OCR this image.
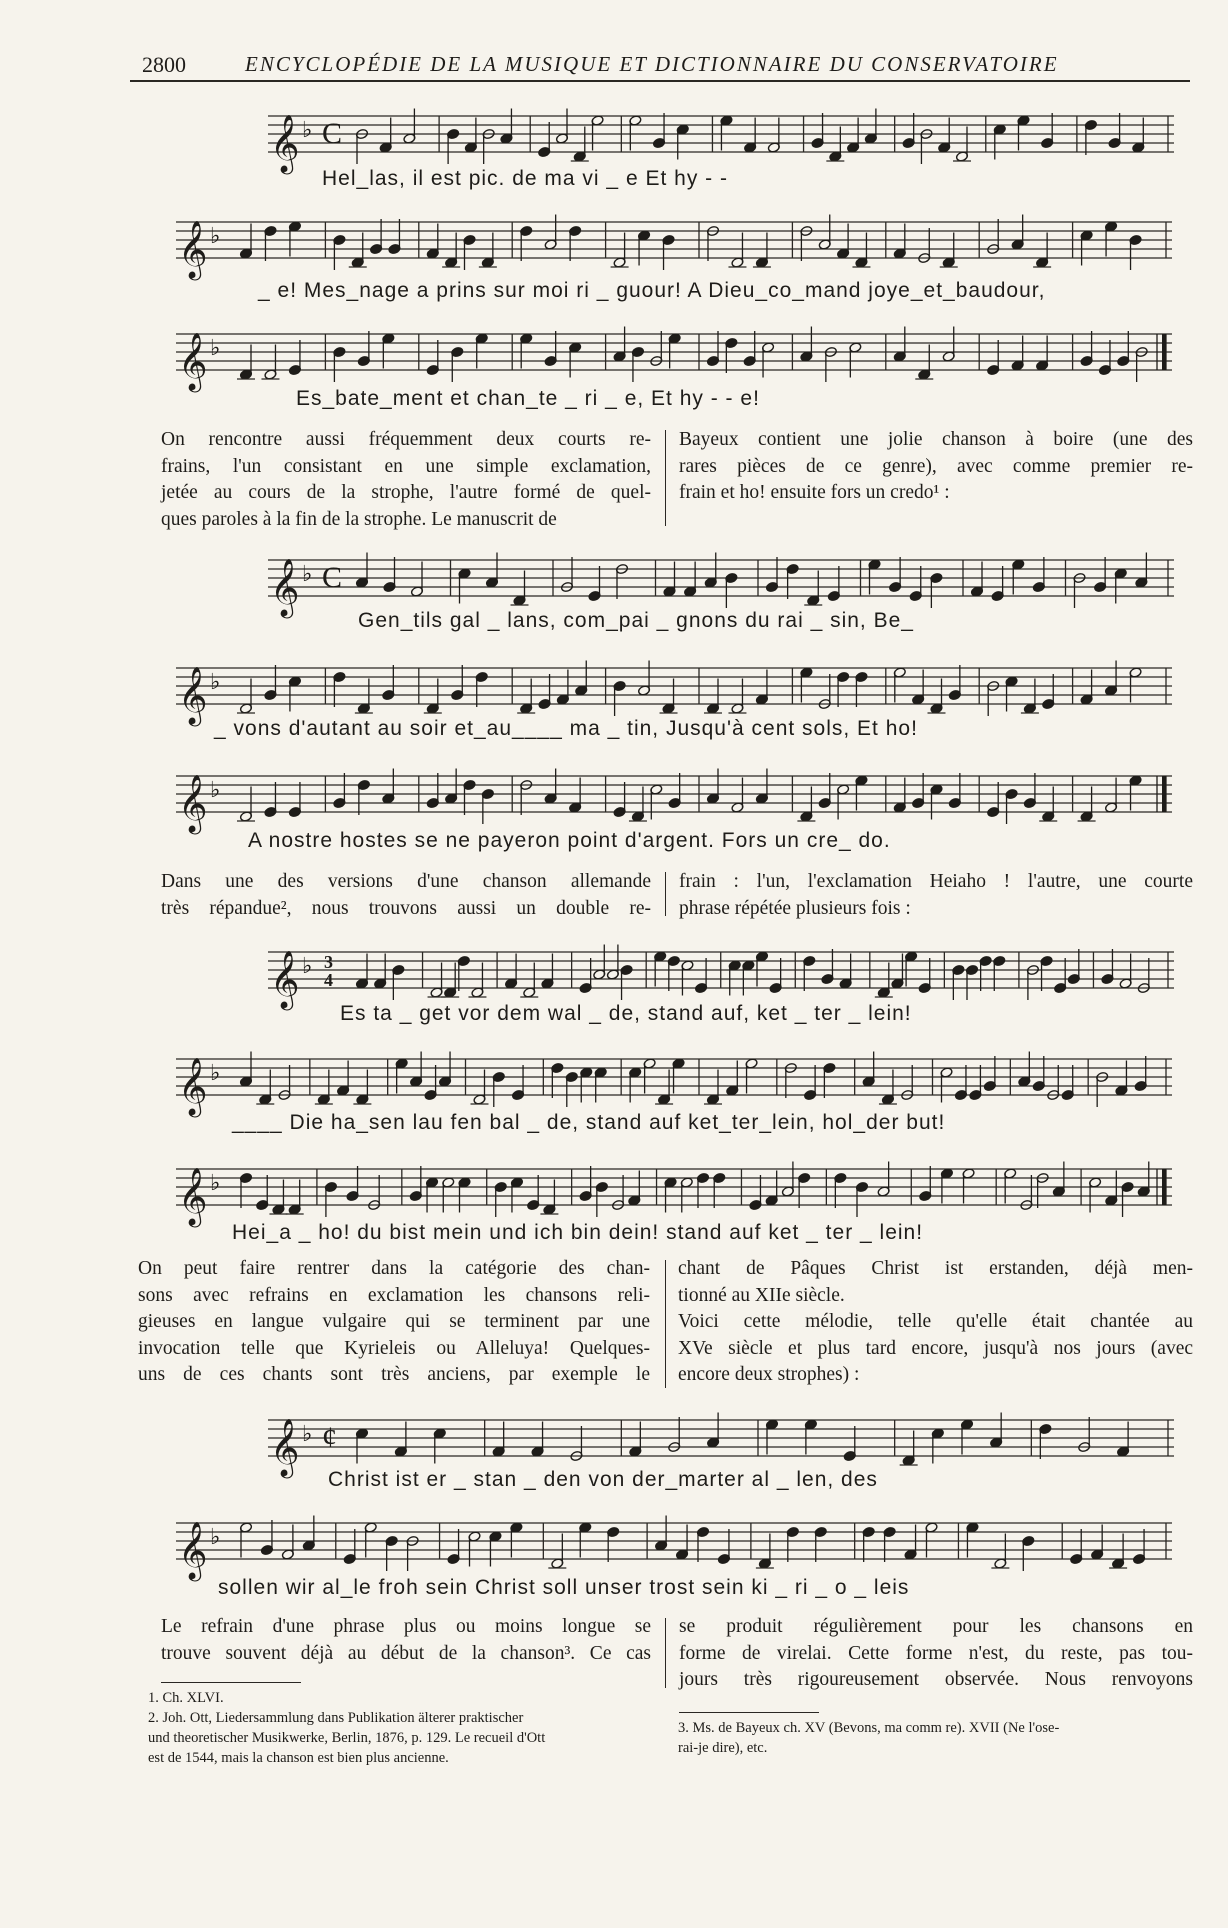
2800	ENCYCLOPÉDIE DE LA MUSIQUE ET DICTIONNAIRE DU CONSERVATOIRE
𝄞 ♭ C
Hel_las, il est pic. de ma vi _ e Et hy - -
𝄞 ♭
_ e! Mes_nage a prins sur moi ri _ guour! A Dieu_co_mand joye_et_baudour,
𝄞 ♭
Es_bate_ment et chan_te _ ri _ e, Et hy - - e!
On rencontre aussi fréquemment deux courts re-
frains, l'un consistant en une simple exclamation,
jetée au cours de la strophe, l'autre formé de quel-
ques paroles à la fin de la strophe. Le manuscrit de
Bayeux contient une jolie chanson à boire (une des
rares pièces de ce genre), avec comme premier re-
frain et ho! ensuite fors un credo¹ :
𝄞 ♭ C
Gen_tils gal _ lans, com_pai _ gnons du rai _ sin, Be_
𝄞 ♭
_ vons d'autant au soir et_au____ ma _ tin, Jusqu'à cent sols, Et ho!
𝄞 ♭
A nostre hostes se ne payeron point d'argent. Fors un cre_ do.
Dans une des versions d'une chanson allemande
très répandue², nous trouvons aussi un double re-
frain : l'un, l'exclamation Heiaho ! l'autre, une courte
phrase répétée plusieurs fois :
𝄞 ♭ 3
4
Es ta _ get vor dem wal _ de, stand auf, ket _ ter _ lein!
𝄞 ♭
____ Die ha_sen lau fen bal _ de, stand auf ket_ter_lein, hol_der but!
𝄞 ♭
Hei_a _ ho! du bist mein und ich bin dein! stand auf ket _ ter _ lein!
On peut faire rentrer dans la catégorie des chan-
sons avec refrains en exclamation les chansons reli-
gieuses en langue vulgaire qui se terminent par une
invocation telle que Kyrieleis ou Alleluya! Quelques-
uns de ces chants sont très anciens, par exemple le
chant de Pâques Christ ist erstanden, déjà men-
tionné au XIIe siècle.
Voici cette mélodie, telle qu'elle était chantée au
XVe siècle et plus tard encore, jusqu'à nos jours (avec
encore deux strophes) :
𝄞 ♭ ¢
Christ ist er _ stan _ den von der_marter al _ len, des
𝄞 ♭
sollen wir al_le froh sein Christ soll unser trost sein ki _ ri _ o _ leis
Le refrain d'une phrase plus ou moins longue se
trouve souvent déjà au début de la chanson³. Ce cas
se produit régulièrement pour les chansons en
forme de virelai. Cette forme n'est, du reste, pas tou-
jours très rigoureusement observée. Nous renvoyons
1. Ch. XLVI.
2. Joh. Ott, Liedersammlung dans Publikation älterer praktischer
und theoretischer Musikwerke, Berlin, 1876, p. 129. Le recueil d'Ott
est de 1544, mais la chanson est bien plus ancienne.
3. Ms. de Bayeux ch. XV (Bevons, ma comm re). XVII (Ne l'ose-
rai-je dire), etc.
